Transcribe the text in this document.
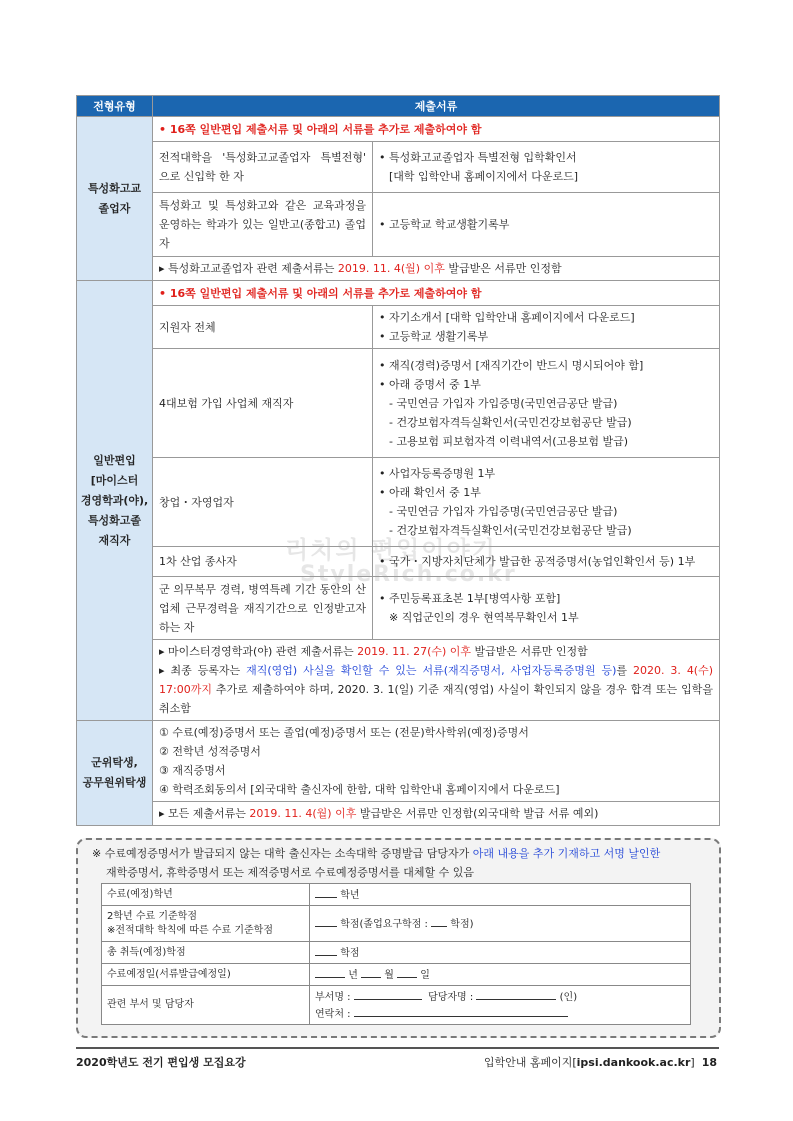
리치의 편입이야기
StyleRich.co.kr
전형유형	제출서류	

특성화고교
졸업자	• 16쪽 일반편입 제출서류 및 아래의 서류를 추가로 제출하여야 함	
	전적대학을 '특성화고교졸업자 특별전형' 으로 신입학 한 자	• 특성화고교졸업자 특별전형 입학확인서
[대학 입학안내 홈페이지에서 다운로드]

	특성화고 및 특성화고와 같은 교육과정을 운영하는 학과가 있는 일반고(종합고) 졸업자	• 고등학교 학교생활기록부
	▸ 특성화고교졸업자 관련 제출서류는 2019. 11. 4(월) 이후 발급받은 서류만 인정함	

일반편입
[마이스터
경영학과(야),
특성화고졸
재직자	• 16쪽 일반편입 제출서류 및 아래의 서류를 추가로 제출하여야 함	
	지원자 전체	• 자기소개서 [대학 입학안내 홈페이지에서 다운로드]
• 고등학교 생활기록부

	4대보험 가입 사업체 재직자	• 재직(경력)증명서 [재직기간이 반드시 명시되어야 함]
• 아래 증명서 중 1부
- 국민연금 가입자 가입증명(국민연금공단 발급)
- 건강보험자격득실확인서(국민건강보험공단 발급)
- 고용보험 피보험자격 이력내역서(고용보험 발급)

	창업・자영업자	• 사업자등록증명원 1부
• 아래 확인서 중 1부
- 국민연금 가입자 가입증명(국민연금공단 발급)
- 건강보험자격득실확인서(국민건강보험공단 발급)

	1차 산업 종사자	• 국가・지방자치단체가 발급한 공적증명서(농업인확인서 등) 1부
	군 의무복무 경력, 병역특례 기간 동안의 산업체 근무경력을 재직기간으로 인정받고자 하는 자	• 주민등록표초본 1부[병역사항 포함]
※ 직업군인의 경우 현역복무확인서 1부

	▸ 마이스터경영학과(야) 관련 제출서류는 2019. 11. 27(수) 이후 발급받은 서류만 인정함
▸ 최종 등록자는 재직(영업) 사실을 확인할 수 있는 서류(재직증명서, 사업자등록증명원 등)를 2020. 3. 4(수) 17:00까지 추가로 제출하여야 하며, 2020. 3. 1(일) 기준 재직(영업) 사실이 확인되지 않을 경우 합격 또는 입학을 취소함	

군위탁생,
공무원위탁생	① 수료(예정)증명서 또는 졸업(예정)증명서 또는 (전문)학사학위(예정)증명서
② 전학년 성적증명서
③ 재직증명서
④ 학력조회동의서 [외국대학 출신자에 한함, 대학 입학안내 홈페이지에서 다운로드]	

	▸ 모든 제출서류는 2019. 11. 4(월) 이후 발급받은 서류만 인정함(외국대학 발급 서류 예외)	
※ 수료예정증명서가 발급되지 않는 대학 출신자는 소속대학 증명발급 담당자가 아래 내용을 추가 기재하고 서명 날인한
재학증명서, 휴학증명서 또는 제적증명서로 수료예정증명서를 대체할 수 있음
수료(예정)학년	학년

2학년 수료 기준학점
※전적대학 학칙에 따른 수료 기준학점	학점(졸업요구학점 :  학점)
총 취득(예정)학점	학점
수료예정일(서류발급예정일)	년 월 일
관련 부서 및 담당자	부서명 : 담당자명 : (인)
연락처 :
2020학년도 전기 편입생 모집요강	입학안내 홈페이지[ipsi.dankook.ac.kr] 18
